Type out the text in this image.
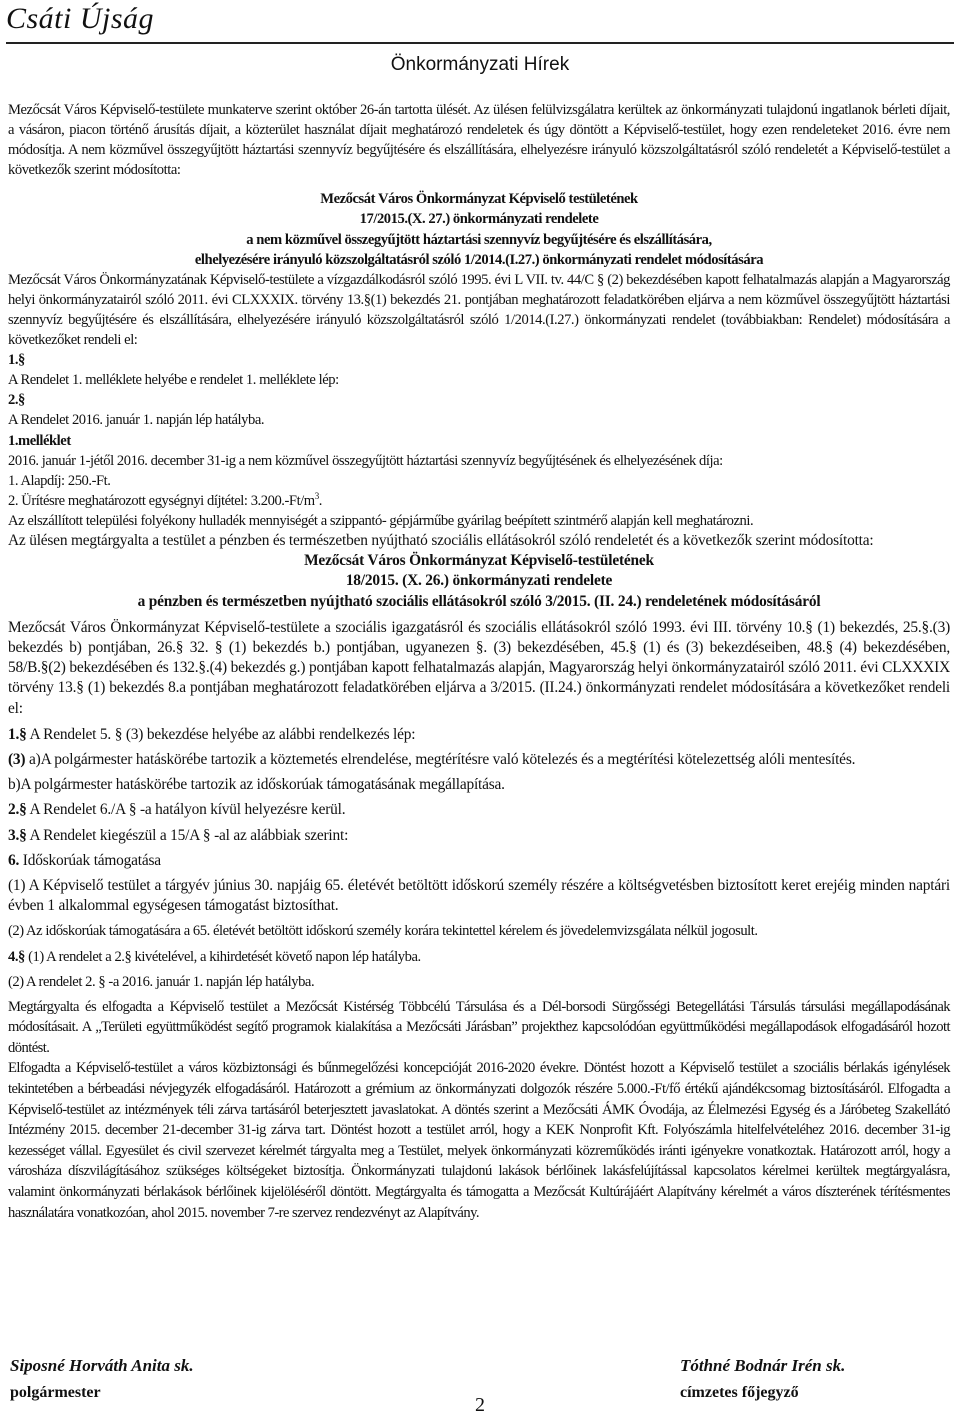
Csáti Újság
Önkormányzati Hírek

Mezőcsát Város Képviselő-testülete munkaterve szerint október 26-án tartotta ülését. Az ülésen felülvizsgálatra kerültek az önkormányzati tulajdonú ingatlanok bérleti díjait, a vásáron, piacon történő árusítás díjait, a közterület használat díjait meghatározó rendeletek és úgy döntött a Képviselő-testület, hogy ezen rendeleteket 2016. évre nem módosítja. A nem közművel összegyűjtött háztartási szennyvíz begyűjtésére és elszállítására, elhelyezésre irányuló közszolgáltatásról szóló rendeletét a Képviselő-testület a következők szerint módosította:

Mezőcsát Város Önkormányzat Képviselő testületének

17/2015.(X. 27.) önkormányzati rendelete

a nem közművel összegyűjtött háztartási szennyvíz begyűjtésére és elszállítására,

elhelyezésére irányuló közszolgáltatásról szóló 1/2014.(I.27.) önkormányzati rendelet módosítására

Mezőcsát Város Önkormányzatának Képviselő-testülete a vízgazdálkodásról szóló 1995. évi L VII. tv. 44/C § (2) bekezdésében kapott felhatalmazás alapján a Magyarország helyi önkormányzatairól szóló 2011. évi CLXXXIX. törvény 13.§(1) bekezdés 21. pontjában meghatározott feladatkörében eljárva a nem közművel összegyűjtött háztartási szennyvíz begyűjtésére és elszállítására, elhelyezésére irányuló közszolgáltatásról szóló 1/2014.(I.27.) önkormányzati rendelet (továbbiakban: Rendelet) módosítására a következőket rendeli el:

1.§

A Rendelet 1. melléklete helyébe e rendelet 1. melléklete lép:

2.§

A Rendelet 2016. január 1. napján lép hatályba.

1.melléklet

2016. január 1-jétől 2016. december 31-ig a nem közművel összegyűjtött háztartási szennyvíz begyűjtésének és elhelyezésének díja:

1. Alapdíj: 250.-Ft.

2. Ürítésre meghatározott egységnyi díjtétel: $3.200.-Ft/m^3$.

Az elszállított települési folyékony hulladék mennyiségét a szippantó- gépjárműbe gyárilag beépített szintmérő alapján kell meghatározni.

Az ülésen megtárgyalta a testület a pénzben és természetben nyújtható szociális ellátásokról szóló rendeletét és a következők szerint módosította:

Mezőcsát Város Önkormányzat Képviselő-testületének

18/2015. (X. 26.) önkormányzati rendelete

a pénzben és természetben nyújtható szociális ellátásokról szóló 3/2015. (II. 24.) rendeletének módosításáról

Mezőcsát Város Önkormányzat Képviselő-testülete a szociális igazgatásról és szociális ellátásokról szóló 1993. évi III. törvény 10.§ (1) bekezdés, 25.§.(3) bekezdés b) pontjában, 26.§ 32. § (1) bekezdés b.) pontjában, ugyanezen §. (3) bekezdésében, 45.§ (1) és (3) bekezdéseiben, 48.§ (4) bekezdésében, 58/B.§(2) bekezdésében és 132.§.(4) bekezdés g.) pontjában kapott felhatalmazás alapján, Magyarország helyi önkormányzatairól szóló 2011. évi CLXXXIX törvény 13.§ (1) bekezdés 8.a pontjában meghatározott feladatkörében eljárva a 3/2015. (II.24.) önkormányzati rendelet módosítására a következőket rendeli el:

1.§ A Rendelet 5. § (3) bekezdése helyébe az alábbi rendelkezés lép:

(3) a)A polgármester hatáskörébe tartozik a köztemetés elrendelése, megtérítésre való kötelezés és a megtérítési kötelezettség alóli mentesítés.

b)A polgármester hatáskörébe tartozik az időskorúak támogatásának megállapítása.

2.§ A Rendelet 6./A § -a hatályon kívül helyezésre kerül.

3.§ A Rendelet kiegészül a 15/A § -al az alábbiak szerint:

6. Időskorúak támogatása

(1) A Képviselő testület a tárgyév június 30. napjáig 65. életévét betöltött időskorú személy részére a költségvetésben biztosított keret erejéig minden naptári évben 1 alkalommal egységesen támogatást biztosíthat.

(2) Az időskorúak támogatására a 65. életévét betöltött időskorú személy korára tekintettel kérelem és jövedelemvizsgálata nélkül jogosult.

4.§ (1) A rendelet a 2.§ kivételével, a kihirdetését követő napon lép hatályba.

(2) A rendelet 2. § -a 2016. január 1. napján lép hatályba.

Megtárgyalta és elfogadta a Képviselő testület a Mezőcsát Kistérség Többcélú Társulása és a Dél-borsodi Sürgősségi Betegellátási Társulás társulási megállapodásának módosításait. A „Területi együttműködést segítő programok kialakítása a Mezőcsáti Járásban” projekthez kapcsolódóan együttműködési megállapodások elfogadásáról hozott döntést.

Elfogadta a Képviselő-testület a város közbiztonsági és bűnmegelőzési koncepcióját 2016-2020 évekre. Döntést hozott a Képviselő testület a szociális bérlakás igénylések tekintetében a bérbeadási névjegyzék elfogadásáról. Határozott a grémium az önkormányzati dolgozók részére 5.000.-Ft/fő értékű ajándékcsomag biztosításáról. Elfogadta a Képviselő-testület az intézmények téli zárva tartásáról beterjesztett javaslatokat. A döntés szerint a Mezőcsáti ÁMK Óvodája, az Élelmezési Egység és a Járóbeteg Szakellátó Intézmény 2015. december 21-december 31-ig zárva tart. Döntést hozott a testület arról, hogy a KEK Nonprofit Kft. Folyószámla hitelfelvételéhez 2016. december 31-ig kezességet vállal. Egyesület és civil szervezet kérelmét tárgyalta meg a Testület, melyek önkormányzati közreműködés iránti igényekre vonatkoztak. Határozott arról, hogy a városháza díszvilágításához szükséges költségeket biztosítja. Önkormányzati tulajdonú lakások bérlőinek lakásfelújítással kapcsolatos kérelmei kerültek megtárgyalásra, valamint önkormányzati bérlakások bérlőinek kijelöléséről döntött. Megtárgyalta és támogatta a Mezőcsát Kultúrájáért Alapítvány kérelmét a város díszterének térítésmentes használatára vonatkozóan, ahol 2015. november 7-re szervez rendezvényt az Alapítvány.

Siposné Horváth Anita sk.
polgármester
Tóthné Bodnár Irén sk.
címzetes főjegyző
2
